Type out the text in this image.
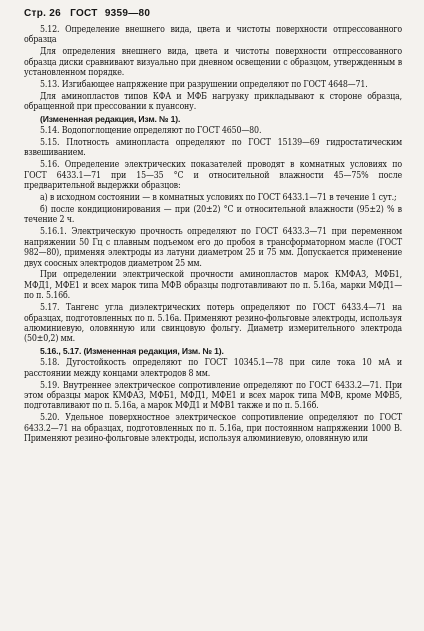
Стр. 26 ГОСТ 9359—80

5.12. Определение внешнего вида, цвета и чистоты поверхности отпрессованного образца

Для определения внешнего вида, цвета и чистоты поверхности отпрессованного образца диски сравнивают визуально при дневном освещении с образцом, утвержденным в установленном порядке.

5.13. Изгибающее напряжение при разрушении определяют по ГОСТ 4648—71.

Для аминопластов типов КФА и МФБ нагрузку прикладывают к стороне образца, обращенной при прессовании к пуансону.

(Измененная редакция, Изм. № 1).

5.14. Водопоглощение определяют по ГОСТ 4650—80.

5.15. Плотность аминопласта определяют по ГОСТ 15139—69 гидростатическим взвешиванием.

5.16. Определение электрических показателей проводят в комнатных условиях по ГОСТ 6433.1—71 при 15—35 °С и относительной влажности 45—75% после предварительной выдержки образцов:

а) в исходном состоянии — в комнатных условиях по ГОСТ 6433.1—71 в течение 1 сут.;

б) после кондиционирования — при (20±2) °С и относительной влажности (95±2) % в течение 2 ч.

5.16.1. Электрическую прочность определяют по ГОСТ 6433.3—71 при переменном напряжении 50 Гц с плавным подъемом его до пробоя в трансформаторном масле (ГОСТ 982—80), применяя электроды из латуни диаметром 25 и 75 мм. Допускается применение двух соосных электродов диаметром 25 мм.

При определении электрической прочности аминопластов марок КМФА3, МФБ1, МФД1, МФЕ1 и всех марок типа МФВ образцы подготавливают по п. 5.16а, марки МФД1—по п. 5.16б.

5.17. Тангенс угла диэлектрических потерь определяют по ГОСТ 6433.4—71 на образцах, подготовленных по п. 5.16а. Применяют резино-фольговые электроды, используя алюминиевую, оловянную или свинцовую фольгу. Диаметр измерительного электрода (50±0,2) мм.

5.16., 5.17. (Измененная редакция, Изм. № 1).

5.18. Дугостойкость определяют по ГОСТ 10345.1—78 при силе тока 10 мА и расстоянии между концами электродов 8 мм.

5.19. Внутреннее электрическое сопротивление определяют по ГОСТ 6433.2—71. При этом образцы марок КМФА3, МФБ1, МФД1, МФЕ1 и всех марок типа МФВ, кроме МФВ5, подготавливают по п. 5.16а, а марок МФД1 и МФВ1 также и по п. 5.16б.

5.20. Удельное поверхностное электрическое сопротивление определяют по ГОСТ 6433.2—71 на образцах, подготовленных по п. 5.16а, при постоянном напряжении 1000 В. Применяют резино-фольговые электроды, используя алюминиевую, оловянную или
